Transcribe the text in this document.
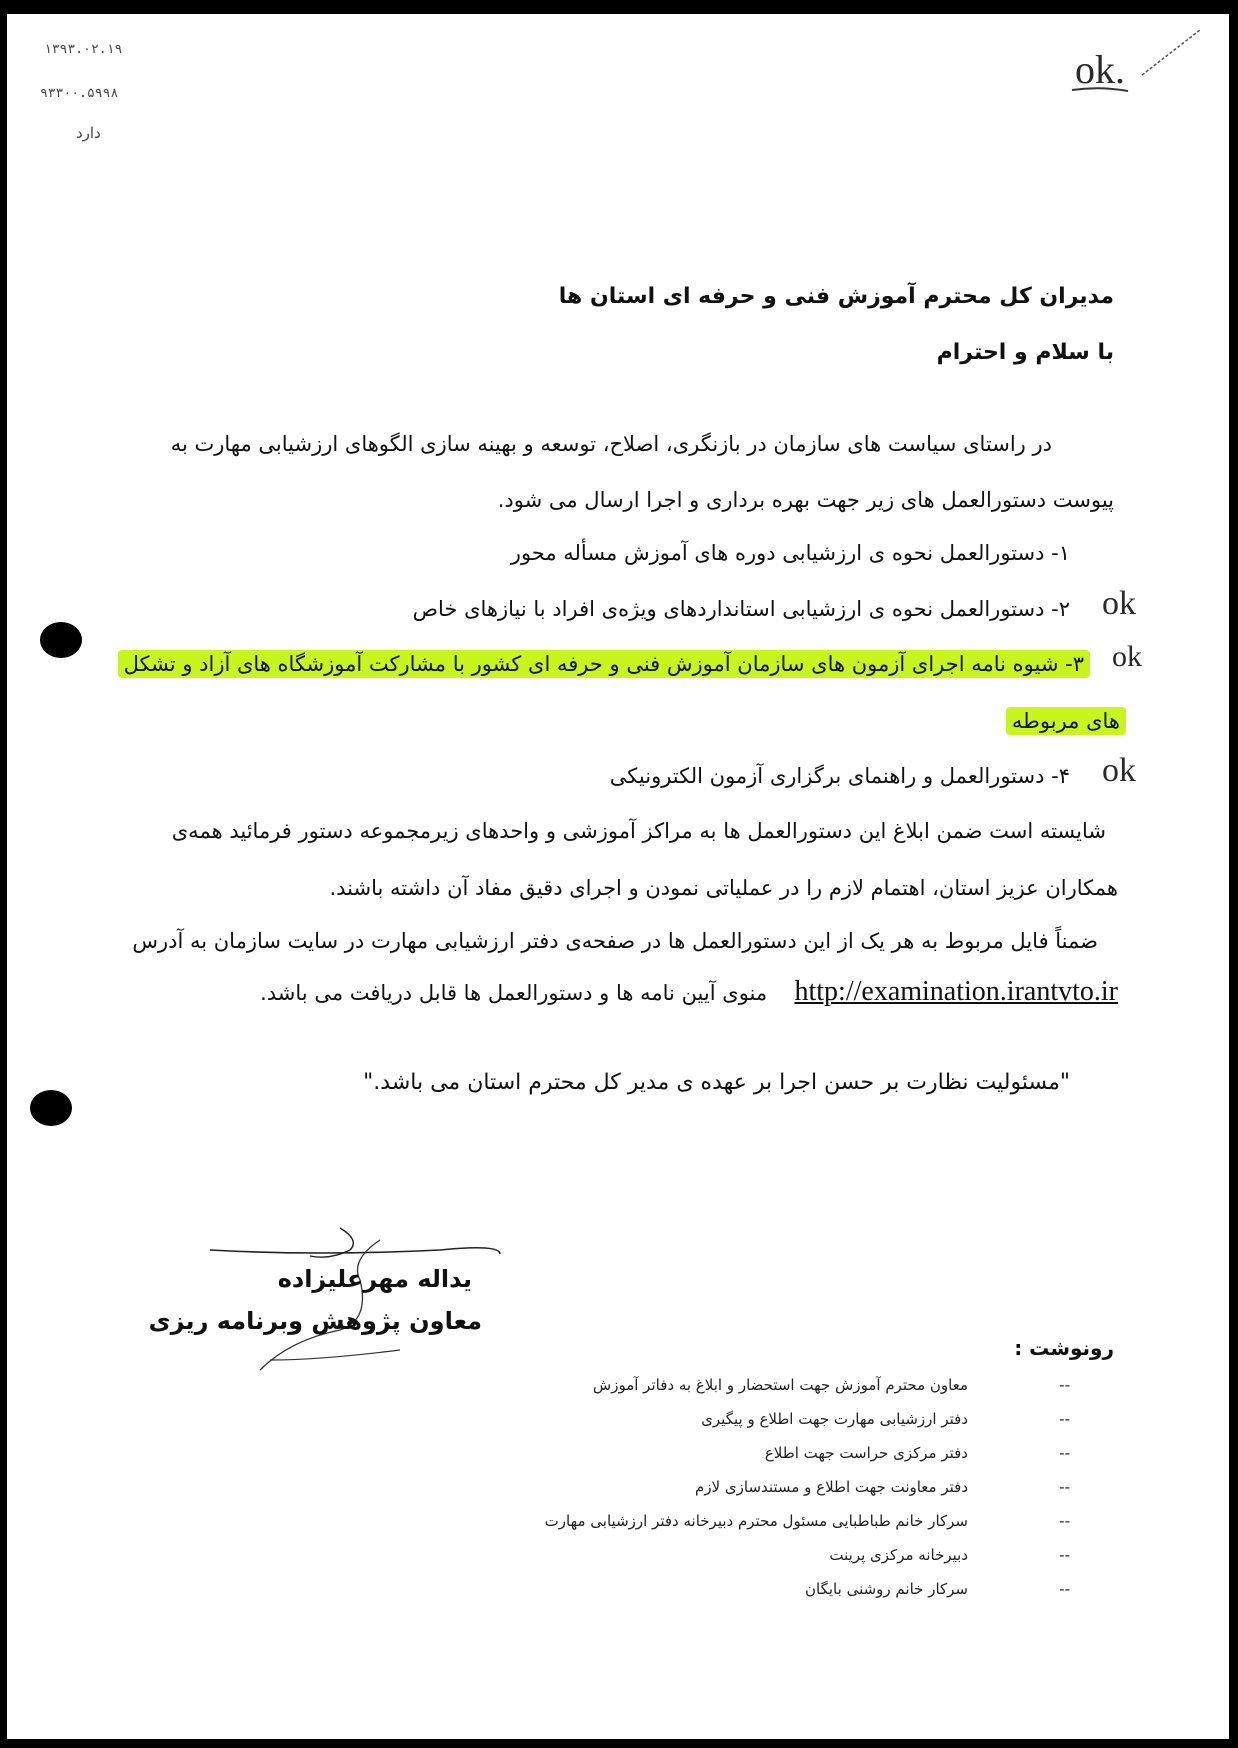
ok.
۱۳۹۳.۰۲.۱۹
۹۳۳۰۰.۵۹۹۸
دارد
مدیران کل محترم آموزش فنی و حرفه ای استان ها
با سلام و احترام
در راستای سیاست های سازمان در بازنگری، اصلاح، توسعه و بهینه سازی الگوهای ارزشیابی مهارت به
پیوست دستورالعمل های زیر جهت بهره برداری و اجرا ارسال می شود.
۱- دستورالعمل نحوه ی ارزشیابی دوره های آموزش مسأله محور
۲- دستورالعمل نحوه ی ارزشیابی استانداردهای ویژه‌ی افراد با نیازهای خاص ok
۳- شیوه نامه اجرای آزمون های سازمان آموزش فنی و حرفه ای کشور با مشارکت آموزشگاه های آزاد و تشکل ok
های مربوطه
۴- دستورالعمل و راهنمای برگزاری آزمون الکترونیکی ok
شایسته است ضمن ابلاغ این دستورالعمل ها به مراکز آموزشی و واحدهای زیرمجموعه دستور فرمائید همه‌ی
همکاران عزیز استان، اهتمام لازم را در عملیاتی نمودن و اجرای دقیق مفاد آن داشته باشند.
ضمناً فایل مربوط به هر یک از این دستورالعمل ها در صفحه‌ی دفتر ارزشیابی مهارت در سایت سازمان به آدرس
http://examination.irantvto.ir  منوی آیین نامه ها و دستورالعمل ها قابل دریافت می باشد.
"مسئولیت نظارت بر حسن اجرا بر عهده ی مدیر کل محترم استان می باشد."
یداله مهرعلیزاده
معاون پژوهش وبرنامه ریزی
رونوشت :
معاون محترم آموزش جهت استحضار و ابلاغ به دفاتر آموزش	--
دفتر ارزشیابی مهارت جهت اطلاع و پیگیری	--
دفتر مرکزی حراست جهت اطلاع	--
دفتر معاونت جهت اطلاع و مستندسازی لازم	--
سرکار خانم طباطبایی مسئول محترم دبیرخانه دفتر ارزشیابی مهارت	--
دبیرخانه مرکزی پرینت	--
سرکار خانم روشنی بایگان	--
